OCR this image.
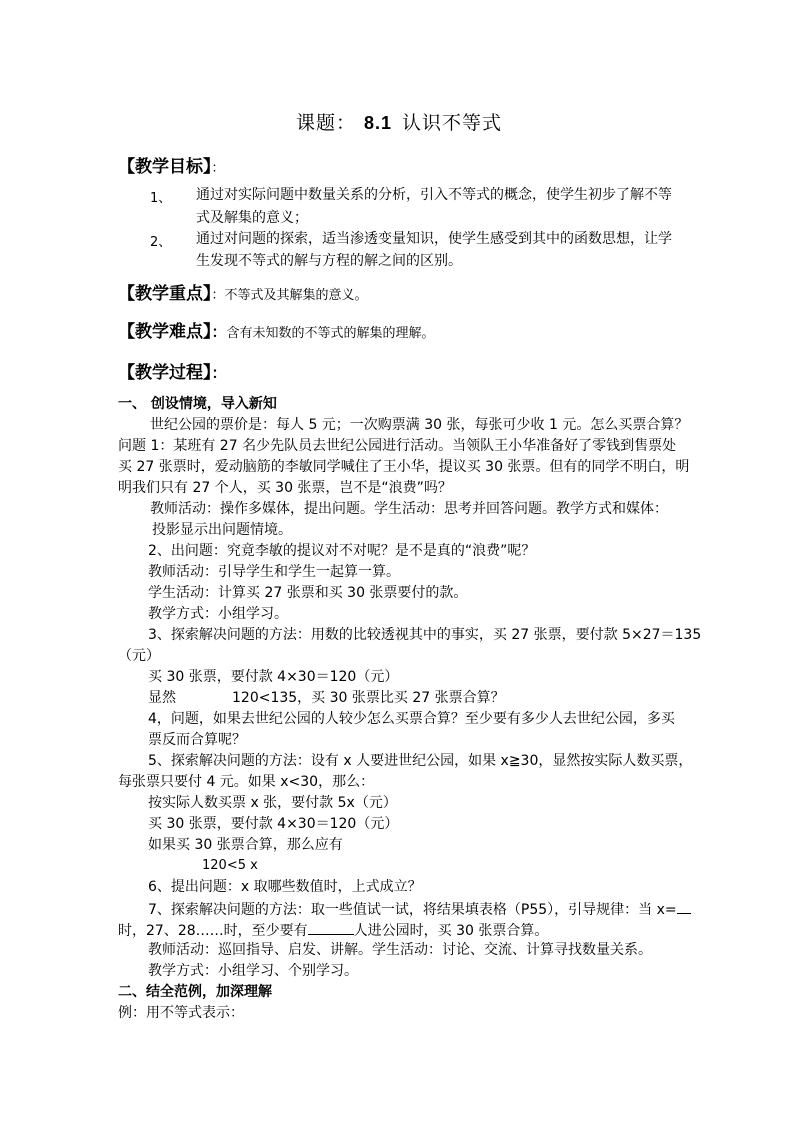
课题： 8.1 认识不等式
【教学目标】：
1、 通过对实际问题中数量关系的分析，引入不等式的概念，使学生初步了解不等
式及解集的意义；
2、 通过对问题的探索，适当渗透变量知识，使学生感受到其中的函数思想，让学
生发现不等式的解与方程的解之间的区别。
【教学重点】：不等式及其解集的意义。
【教学难点】：含有未知数的不等式的解集的理解。
【教学过程】：
一、 创设情境，导入新知
世纪公园的票价是：每人 5 元；一次购票满 30 张，每张可少收 1 元。怎么买票合算？
问题 1：某班有 27 名少先队员去世纪公园进行活动。当领队王小华准备好了零钱到售票处
买 27 张票时，爱动脑筋的李敏同学喊住了王小华，提议买 30 张票。但有的同学不明白，明
明我们只有 27 个人，买 30 张票，岂不是“浪费”吗？
教师活动：操作多媒体，提出问题。学生活动：思考并回答问题。教学方式和媒体：
投影显示出问题情境。
2、出问题：究竟李敏的提议对不对呢？是不是真的“浪费”呢？
教师活动：引导学生和学生一起算一算。
学生活动：计算买 27 张票和买 30 张票要付的款。
教学方式：小组学习。
3、探索解决问题的方法：用数的比较透视其中的事实，买 27 张票，要付款 5×27＝135
（元）
买 30 张票，要付款 4×30＝120（元）
显然	120<135，买 30 张票比买 27 张票合算？
4，问题，如果去世纪公园的人较少怎么买票合算？至少要有多少人去世纪公园，多买
票反而合算呢？
5、探索解决问题的方法：设有 x 人要进世纪公园，如果 x≧30，显然按实际人数买票，
每张票只要付 4 元。如果 x<30，那么：
按实际人数买票 x 张，要付款 5x（元）
买 30 张票，要付款 4×30＝120（元）
如果买 30 张票合算，那么应有
120<5 x
6、提出问题：x 取哪些数值时，上式成立？
7、探索解决问题的方法：取一些值试一试，将结果填表格（P55），引导规律：当 x=
时，27、28……时，至少要有	人进公园时，买 30 张票合算。
教师活动：巡回指导、启发、讲解。学生活动：讨论、交流、计算寻找数量关系。
教学方式：小组学习、个别学习。
二、结全范例，加深理解
例：用不等式表示：
